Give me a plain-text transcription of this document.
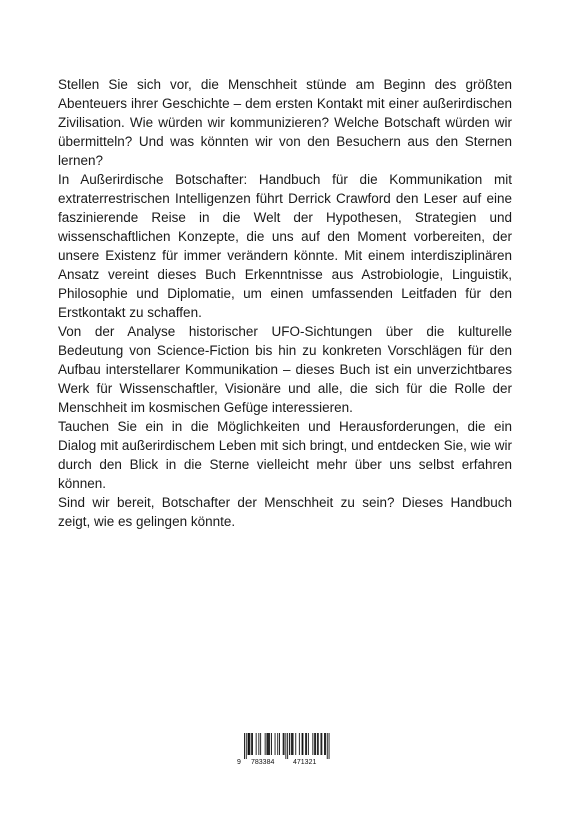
Stellen Sie sich vor, die Menschheit stünde am Beginn des größten Abenteuers ihrer Geschichte – dem ersten Kontakt mit einer außerirdischen Zivilisation. Wie würden wir kommunizieren? Welche Botschaft würden wir übermitteln? Und was könnten wir von den Besuchern aus den Sternen lernen?

In Außerirdische Botschafter: Handbuch für die Kommunikation mit extraterrestrischen Intelligenzen führt Derrick Crawford den Leser auf eine faszinierende Reise in die Welt der Hypothesen, Strategien und wissenschaftlichen Konzepte, die uns auf den Moment vorbereiten, der unsere Existenz für immer verändern könnte. Mit einem interdisziplinären Ansatz vereint dieses Buch Erkenntnisse aus Astrobiologie, Linguistik, Philosophie und Diplomatie, um einen umfassenden Leitfaden für den Erstkontakt zu schaffen.

Von der Analyse historischer UFO-Sichtungen über die kulturelle Bedeutung von Science-Fiction bis hin zu konkreten Vorschlägen für den Aufbau interstellarer Kommunikation – dieses Buch ist ein unverzichtbares Werk für Wissenschaftler, Visionäre und alle, die sich für die Rolle der Menschheit im kosmischen Gefüge interessieren.

Tauchen Sie ein in die Möglichkeiten und Herausforderungen, die ein Dialog mit außerirdischem Leben mit sich bringt, und entdecken Sie, wie wir durch den Blick in die Sterne vielleicht mehr über uns selbst erfahren können.

Sind wir bereit, Botschafter der Menschheit zu sein? Dieses Handbuch zeigt, wie es gelingen könnte.

9 783384	471321
